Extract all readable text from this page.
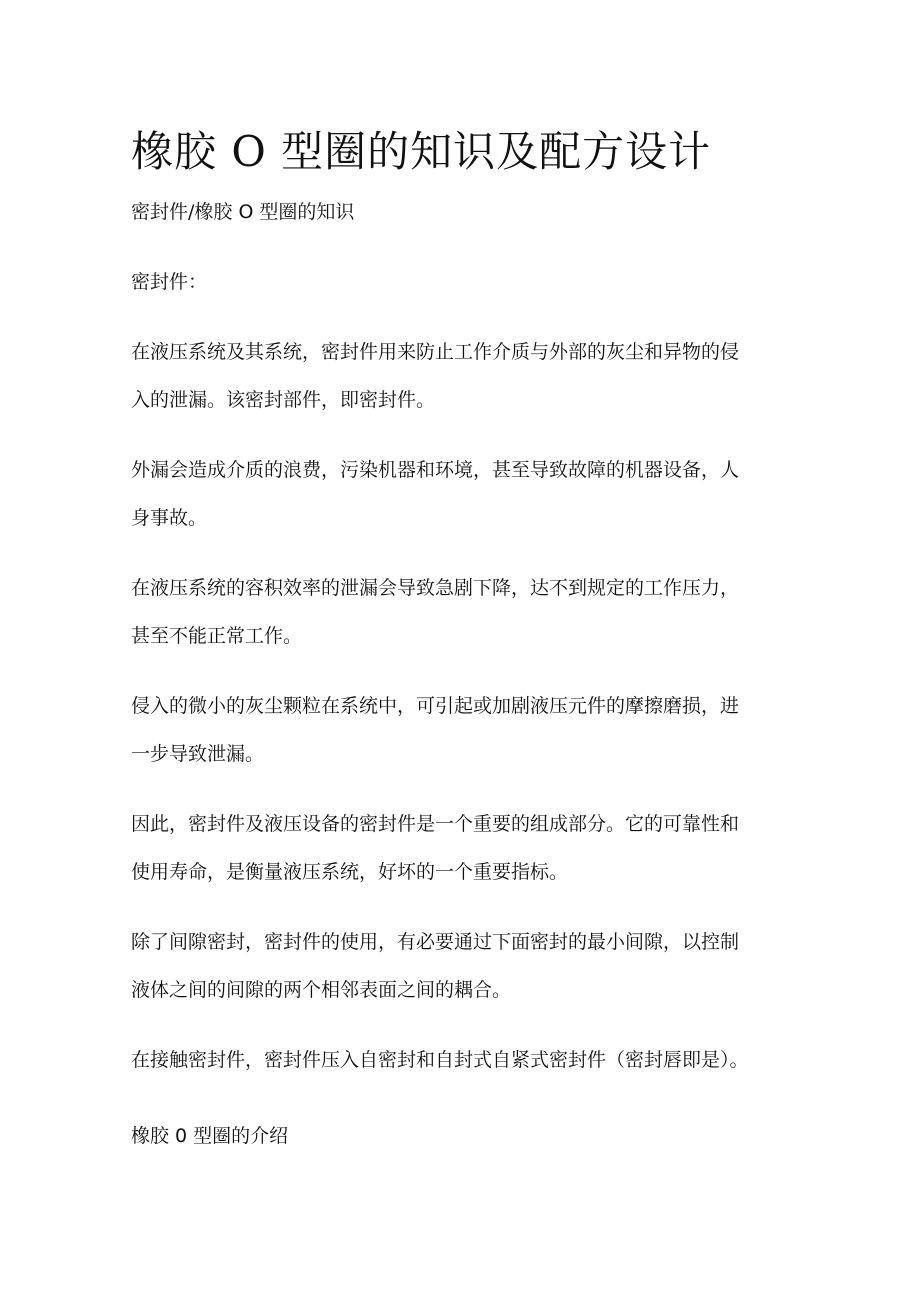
橡胶 O 型圈的知识及配方设计

密封件/橡胶 O 型圈的知识

密封件：

在液压系统及其系统，密封件用来防止工作介质与外部的灰尘和异物的侵

入的泄漏。该密封部件，即密封件。

外漏会造成介质的浪费，污染机器和环境，甚至导致故障的机器设备，人

身事故。

在液压系统的容积效率的泄漏会导致急剧下降，达不到规定的工作压力，

甚至不能正常工作。

侵入的微小的灰尘颗粒在系统中，可引起或加剧液压元件的摩擦磨损，进

一步导致泄漏。

因此，密封件及液压设备的密封件是一个重要的组成部分。它的可靠性和

使用寿命，是衡量液压系统，好坏的一个重要指标。

除了间隙密封，密封件的使用，有必要通过下面密封的最小间隙，以控制

液体之间的间隙的两个相邻表面之间的耦合。

在接触密封件，密封件压入自密封和自封式自紧式密封件（密封唇即是）。

橡胶 0 型圈的介绍
